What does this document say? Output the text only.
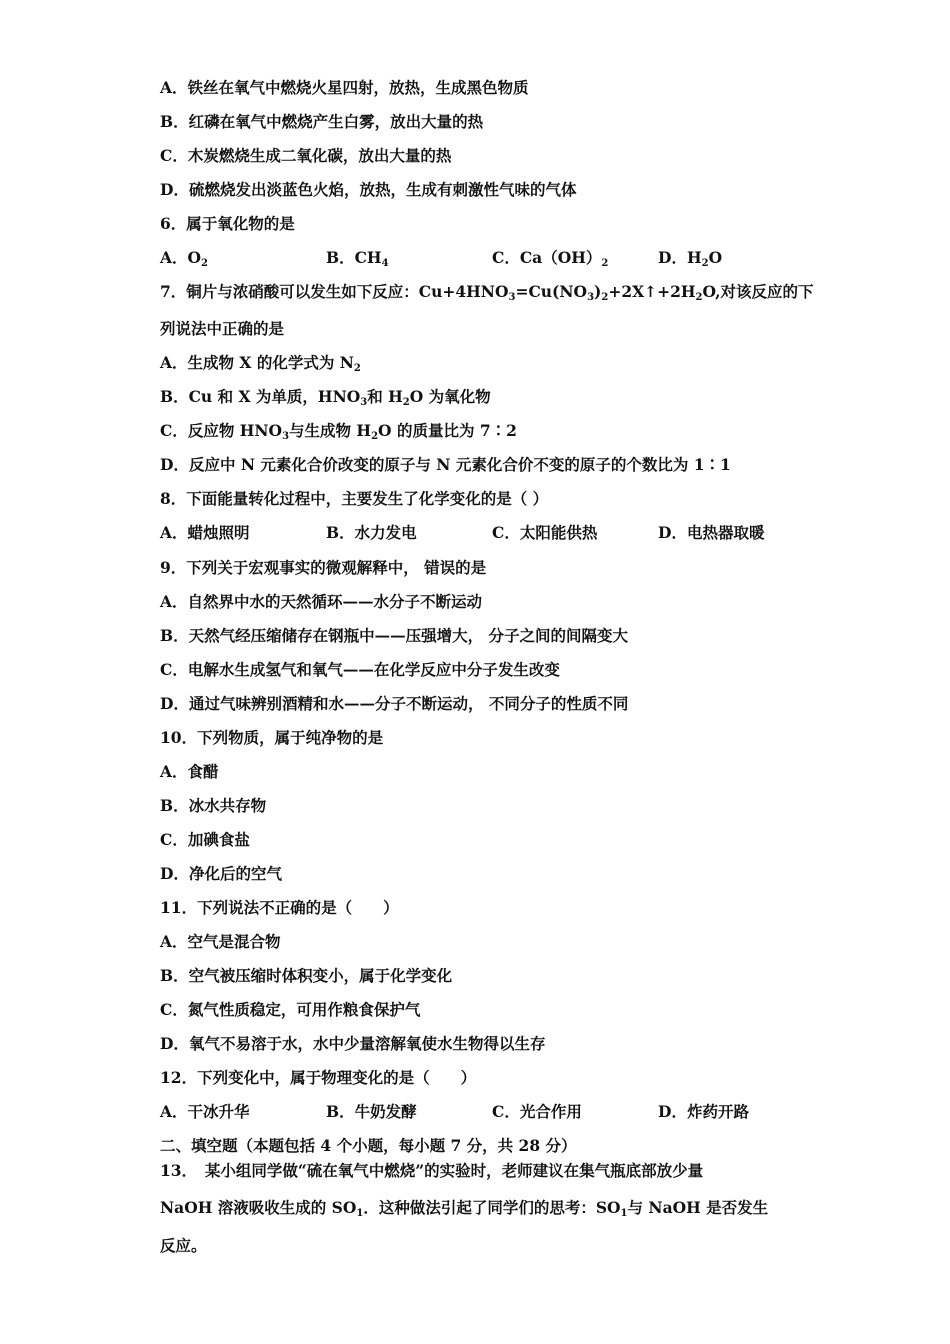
A．铁丝在氧气中燃烧火星四射，放热，生成黑色物质
B．红磷在氧气中燃烧产生白雾，放出大量的热
C．木炭燃烧生成二氧化碳，放出大量的热
D．硫燃烧发出淡蓝色火焰，放热，生成有刺激性气味的气体
6．属于氧化物的是
A．$O_2$	B．$CH_4$	C．$Ca(OH)_2$	D．$H_2O$
7．铜片与浓硝酸可以发生如下反应：$Cu+4HNO_3=Cu(NO_3)_2+2X↑+2H_2O$,对该反应的下
列说法中正确的是
A．生成物 X 的化学式为 $N_2$
B．Cu 和 X 为单质，$HNO_3$和 $H_2O$ 为氧化物
C．反应物 $HNO_3$与生成物 $H_2O$ 的质量比为 7∶2
D．反应中 N 元素化合价改变的原子与 N 元素化合价不变的原子的个数比为 1∶1
8．下面能量转化过程中，主要发生了化学变化的是（ ）
A．蜡烛照明	B．水力发电	C．太阳能供热	D．电热器取暖
9．下列关于宏观事实的微观解释中， 错误的是
A．自然界中水的天然循环——水分子不断运动
B．天然气经压缩储存在钢瓶中——压强增大， 分子之间的间隔变大
C．电解水生成氢气和氧气——在化学反应中分子发生改变
D．通过气味辨别酒精和水——分子不断运动， 不同分子的性质不同
10．下列物质，属于纯净物的是
A．食醋
B．冰水共存物
C．加碘食盐
D．净化后的空气
11．下列说法不正确的是（　　）
A．空气是混合物
B．空气被压缩时体积变小，属于化学变化
C．氮气性质稳定，可用作粮食保护气
D．氧气不易溶于水，水中少量溶解氧使水生物得以生存
12．下列变化中，属于物理变化的是（　　）
A．干冰升华	B．牛奶发酵	C．光合作用	D．炸药开路
二、填空题（本题包括 4 个小题，每小题 7 分，共 28 分）
13．　某小组同学做“硫在氧气中燃烧”的实验时，老师建议在集气瓶底部放少量
NaOH 溶液吸收生成的 $SO_1$．这种做法引起了同学们的思考：$SO_1$与 NaOH 是否发生
反应。
